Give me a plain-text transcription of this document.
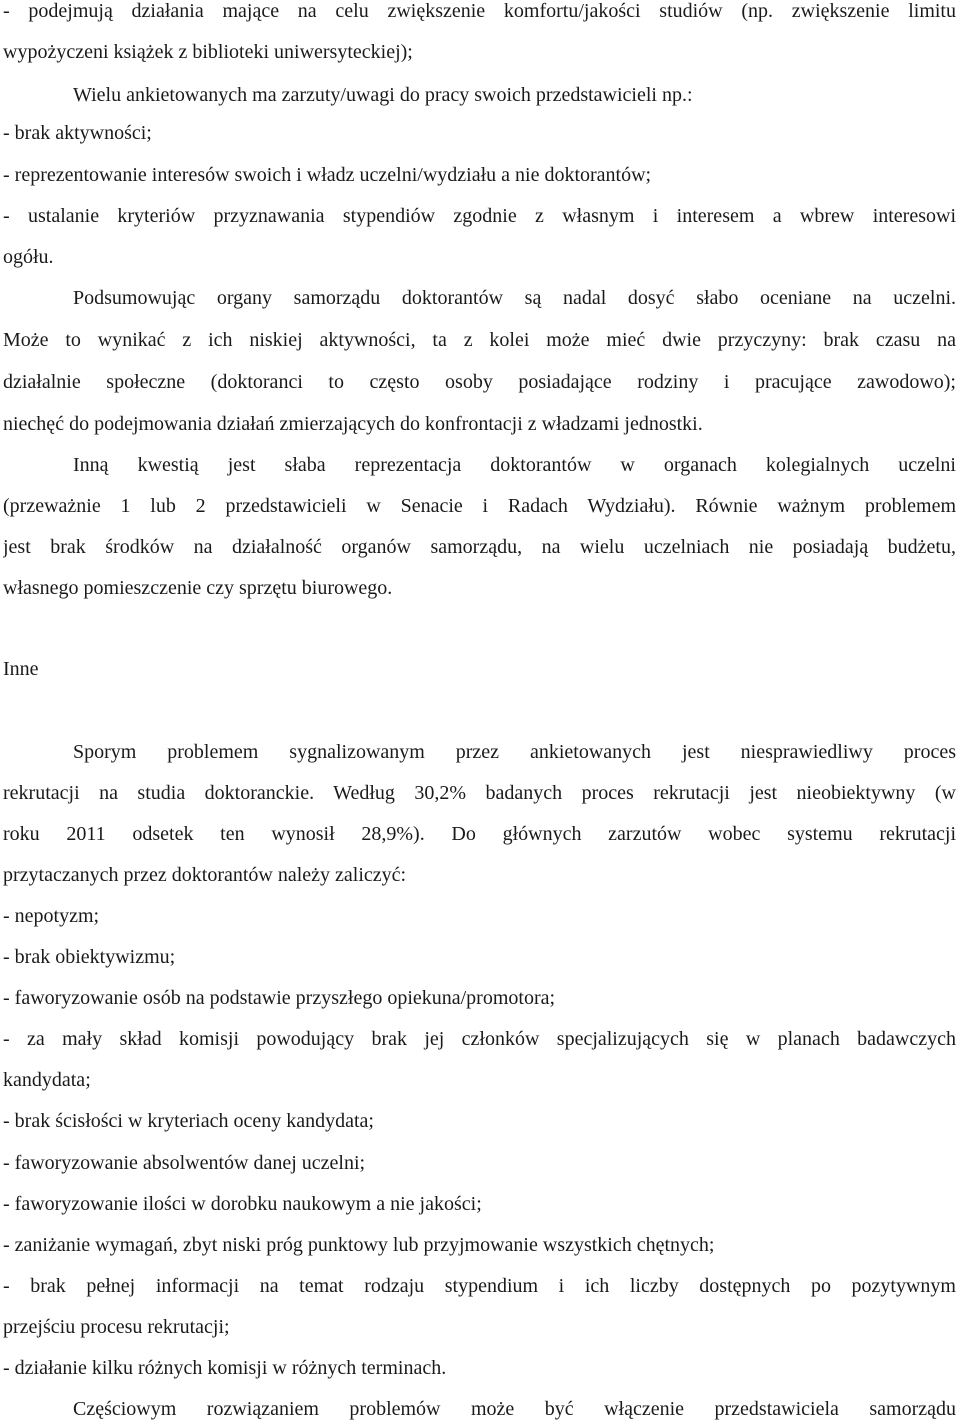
- podejmują działania mające na celu zwiększenie komfortu/jakości studiów (np. zwiększenie limitu
wypożyczeni książek z biblioteki uniwersyteckiej);
Wielu ankietowanych ma zarzuty/uwagi do pracy swoich przedstawicieli np.:
- brak aktywności;
- reprezentowanie interesów swoich i władz uczelni/wydziału a nie doktorantów;
- ustalanie kryteriów przyznawania stypendiów zgodnie z własnym i interesem a wbrew interesowi
ogółu.
Podsumowując organy samorządu doktorantów są nadal dosyć słabo oceniane na uczelni.
Może to wynikać z ich niskiej aktywności, ta z kolei może mieć dwie przyczyny: brak czasu na
działalnie społeczne (doktoranci to często osoby posiadające rodziny i pracujące zawodowo);
niechęć do podejmowania działań zmierzających do konfrontacji z władzami jednostki.
Inną kwestią jest słaba reprezentacja doktorantów w organach kolegialnych uczelni
(przeważnie 1 lub 2 przedstawicieli w Senacie i Radach Wydziału). Równie ważnym problemem
jest brak środków na działalność organów samorządu, na wielu uczelniach nie posiadają budżetu,
własnego pomieszczenie czy sprzętu biurowego.
Inne
Sporym problemem sygnalizowanym przez ankietowanych jest niesprawiedliwy proces
rekrutacji na studia doktoranckie. Według 30,2% badanych proces rekrutacji jest nieobiektywny (w
roku 2011 odsetek ten wynosił 28,9%). Do głównych zarzutów wobec systemu rekrutacji
przytaczanych przez doktorantów należy zaliczyć:
- nepotyzm;
- brak obiektywizmu;
- faworyzowanie osób na podstawie przyszłego opiekuna/promotora;
- za mały skład komisji powodujący brak jej członków specjalizujących się w planach badawczych
kandydata;
- brak ścisłości w kryteriach oceny kandydata;
- faworyzowanie absolwentów danej uczelni;
- faworyzowanie ilości w dorobku naukowym a nie jakości;
- zaniżanie wymagań, zbyt niski próg punktowy lub przyjmowanie wszystkich chętnych;
- brak pełnej informacji na temat rodzaju stypendium i ich liczby dostępnych po pozytywnym
przejściu procesu rekrutacji;
- działanie kilku różnych komisji w różnych terminach.
Częściowym rozwiązaniem problemów może być włączenie przedstawiciela samorządu
